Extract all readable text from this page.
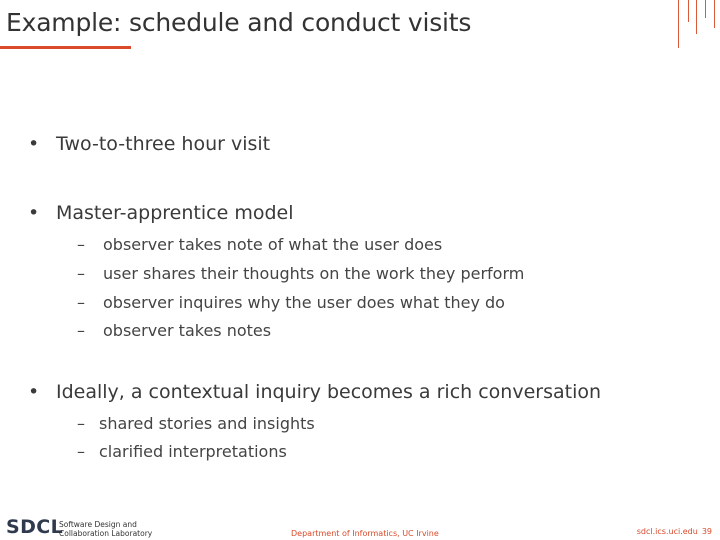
Example: schedule and conduct visits
• Two-to-three hour visit
• Master-apprentice model
– observer takes note of what the user does
– user shares their thoughts on the work they perform
– observer inquires why the user does what they do
– observer takes notes
• Ideally, a contextual inquiry becomes a rich conversation
– shared stories and insights
– clarified interpretations
SDCL
Software Design and
Collaboration Laboratory	Department of Informatics, UC Irvine	sdcl.ics.uci.edu 39
